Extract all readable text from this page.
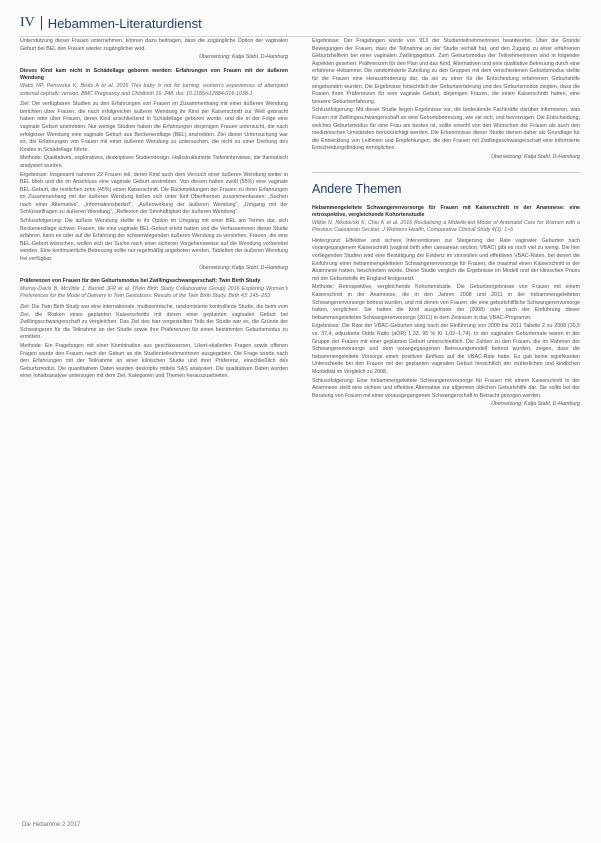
IV Hebammen-Literaturdienst
Unterstützung dieser Frauen unternehmen, können dazu beitragen, dass die zugängliche Option der vaginalen Geburt bei BEL den Frauen wieder zugänglicher wird.
Übersetzung: Katja Stahl, D-Hamburg
Dieses Kind kam nicht in Schädellage geboren werden: Erfahrungen von Frauen mit der äußeren Wendung
Watts NP, Petrovska K, Bisits A et al. 2016 This baby is not for turning: women's experiences of attempted external cephalic version. BMC Pregnancy and Childbirth 16: 248. doi: 10.1186/s12884-016-1038-1
Ziel: Die verfügbaren Studien zu den Erfahrungen von Frauen im Zusammenhang mit einer äußeren Wendung berichten über Frauen, die nach erfolgreicher äußerer Wendung ihr Kind per Kaiserschnitt zur Welt gebracht haben oder über Frauen, deren Kind anschließend in Schädellage geboren wurde, und die in der Folge eine vaginale Geburt anstrebten. Nur wenige Studien haben die Erfahrungen derjenigen Frauen untersucht, die nach erfolgloser Wendung eine vaginale Geburt aus Beckenendlage (BEL) anstrebten. Ziel dieser Untersuchung war es, die Erfahrungen von Frauen mit einer äußeren Wendung zu untersuchen, die nicht zu einer Drehung des Kindes in Schädellage führte.
Methode: Qualitatives, exploratives, deskriptives Studiendesign. Halbstrukturierte Tiefeninterviews, die thematisch analysiert wurden.
Ergebnisse: Insgesamt nahmen 22 Frauen teil, deren Kind auch dem Versuch einer äußeren Wendung weiter in BEL blieb und die im Anschluss eine vaginale Geburt anstrebten. Von diesen hatten zwölf (55%) eine vaginale BEL-Geburt, die restlichen zehn (45%) einen Kaiserschnitt. Die Rückmeldungen der Frauen zu ihren Erfahrungen im Zusammenhang mit der äußeren Wendung ließen sich unter fünf Oberthemen zusammenfassen: „Suchen nach einer Alternative“, „Informationsbedarf“, „Außenwirkung der äußeren Wendung“, „Umgang mit der Schlüsselfragen zu äußeren Wendung“, „Reflexion der Sinnhaftigkeit der äußeren Wendung“.
Schlussfolgerung: Die äußere Wendung stellte in ihr Option im Umgang mit einer BEL am Termin dar, sich Beckenendlage schwer. Frauen, die eine vaginale BEL-Geburt erlebt hatten und die Verfasserinnen dieser Studie erfahren, kann es oder auf die Erfahrung der schwerwiegenden äußeren Wendung zu verstehen. Frauen, die eine BEL-Geburt wünschen, wollen sich der Suche nach einer sicheren Vorgehensweise auf die Wendung vorbereitet werden. Eine kontinuierliche Betreuung sollte nur regelmäßig angeboten werden, Tabletten der äußeren Wendung frei verfügbar.
Übersetzung: Katja Stahl, D-Hamburg
Präferenzen von Frauen für den Geburtsmodus bei Zwillingsschwangerschaft: Twin Birth Study
Murray-Davis B, McVittie J, Barrett JFR et al. (Twin Birth Study Collaborative Group) 2016 Exploring Women's Preferences for the Mode of Delivery in Twin Gestations: Results of the Twin Birth Study. Birth 43: 245–253
Ziel: Die Twin Birth Study war eine internationale, multizentrische, randomisierte kontrollierte Studie, die beim vom Ziel, die Risiken eines geplanten Kaiserschnitts mit denen einer geplanten vaginalen Geburt bei Zwillingsschwangerschaft zu vergleichen. Das Ziel des hier vorgestellten Teils der Studie war es, die Gründe der Schwangeren für die Teilnahme an der Studie sowie ihre Präferenzen für einen bestimmten Geburtsmodus zu ermitteln.
Methode: Ein Fragebogen mit einer Kombination aus geschlossenen, Likert-skalierten Fragen sowie offenen Fragen wurde den Frauen nach der Geburt an die Studienteilnehmerinnen ausgegeben. Die Frage wurde nach den Erfahrungen mit der Teilnahme an einer klinischen Studie und ihrer Präferenz, einschließlich des Geburtsmodus. Die quantitativen Daten wurden deskriptiv mittels SAS analysiert. Die qualitativen Daten wurden einer Inhaltsanalyse unterzogen mit dem Ziel, Kategorien und Themen herauszuarbeiten.
Ergebnisse: Der Fragebogen wurde von 913 der Studienteilnehmerinnen beantwortet. Über die Gründe Bewegungen der Frauen, dass die Teilnahme an der Studie verhält hat, und den Zugang zu einer erfahrenen Geburtshelferin bei einer vaginalen Zwillingsgeburt. Zum Geburtsmodus der Teilnehmerinnen sind in folgender Aspekten gesehen: Präferenzen für den Plan und das Kind, Alternativen und eine qualitative Betreuung durch eine erfahrene Hebamme. Die randomisierte Zuteilung zu den Gruppen mit dem verschiedenen Geburtsmodus stellte für die Frauen eine Herausforderung dar, da sie zu einer für die Entscheidung erfahrenen Geburtshilfe eingebunden wurden. Die Ergebnisse hinsichtlich der Geburtserfahrung und des Geburtsmodus zeigten, dass die Frauen ihren Präferenzen für eine vaginale Geburt, diejenigen Frauen, die einen Kaiserschnitt hatten, eine bessere Geburtserfahrung.
Schlussfolgerung: Mit dieser Studie liegen Ergebnisse vor, die bedeutende Fachkräfte darüber informieren, was Frauen mit Zwillingsschwangerschaft an eine Geburtsbetreuung, wie sie sich, und bevorzugen. Die Entscheidung, welches Geburtsmodus für eine Frau am besten ist, sollte sowohl von den Wünschen der Frauen als auch den medizinischen Umständen berücksichtigt werden. Die Erkenntnisse dieser Studie dienen daher als Grundlage für die Entwicklung von Leitlinien und Empfehlungen, die den Frauen mit Zwillingsschwangerschaft eine informierte Entscheidungsfindung ermöglichen.
Übersetzung: Katja Stahl, D-Hamburg
Andere Themen
Hebammengeleitete Schwangerenvorsorge für Frauen mit Kaiserschnitt in der Anamnese: eine retrospektive, vergleichende Kohortenstudie
Wilkie N, Nikolovski K, Chiu K et al. 2016 Revitalising a Midwife-led Model of Antenatal Care for Women with a Previous Caesarean Section. J Womens Health, Comparative Clinical Study 4(1): 1–6
Hintergrund: Effektive und sichere Interventionen zur Steigerung der Rate vaginaler Geburten nach vorangegangenem Kaiserschnitt (vaginal birth after caesarean section, VBAC) gibt es noch viel zu wenig. Die hier vorliegenden Studien wird eine Bestätigung der Evidenz im sinnvollen und effektiven VBAC-Raten, bei denen die Einführung einer hebammengeleiteten Schwangerenvorsorge für Frauen, die maximal einen Kaiserschnitt in der Anamnese hatten, beschrieben wurde. Diese Studie verglich die Ergebnisse im Modell und der klinischen Praxis mit der Geburtshilfe im England festgesetzt.
Methode: Retrospektive, vergleichende Kohortenstudie. Die Geburtsergebnisse von Frauen mit einem Kaiserschnitt in der Anamnese, die in den Jahren 2008 und 2011 in der hebammengeleiteten Schwangerenvorsorge betreut wurden, und mit denen von Frauen, die eine geburtshilfliche Schwangerenvorsorge hatten, verglichen. Sie hatten die Kind ausgelöster der (2008) oder nach der Einführung dieser hebammengeleiteten Schwangerenvorsorge (2011) in dem Zeitraum in das VBAC-Programm.
Ergebnisse: Die Rate der VBAC-Geburten stieg nach der Einführung von 2008 bis 2011 Tabelle 2 zu 2008 (30,5 vs. 37,4, adjustierte Odds Ratio (aOR) 1,33, 95 % KI 1,02–1,74). In der vaginalen Geburtenrate waren in der Gruppe der Frauen mit einer geplanten Geburt unterschiedlich. Die Zahlen zu den Frauen, die im Rahmen der Schwangerenvorsorge und dem vorangegangenen Betreuungsmodell betreut wurden, zeigen, dass die hebammengeleitete Vorsorge einen positiven Einfluss auf die VBAC-Rate hatte. Es gab keine signifikanten Unterschiede bei den Frauen mit der geplanten vaginalen Geburt hinsichtlich der mütterlichen und kindlichen Morbidität im Vergleich zu 2008.
Schlussfolgerung: Eine hebammengeleitete Schwangerenvorsorge für Frauen mit einem Kaiserschnitt in der Anamnese stellt eine sichere und effektive Alternative zur allgemein üblichen Geburtshilfe dar. Sie sollte bei der Beratung von Frauen mit einer vorausgegangenen Schwangerschaft in Betracht gezogen werden.
Übersetzung: Katja Stahl, D-Hamburg
Die Hebamme 2 2017
